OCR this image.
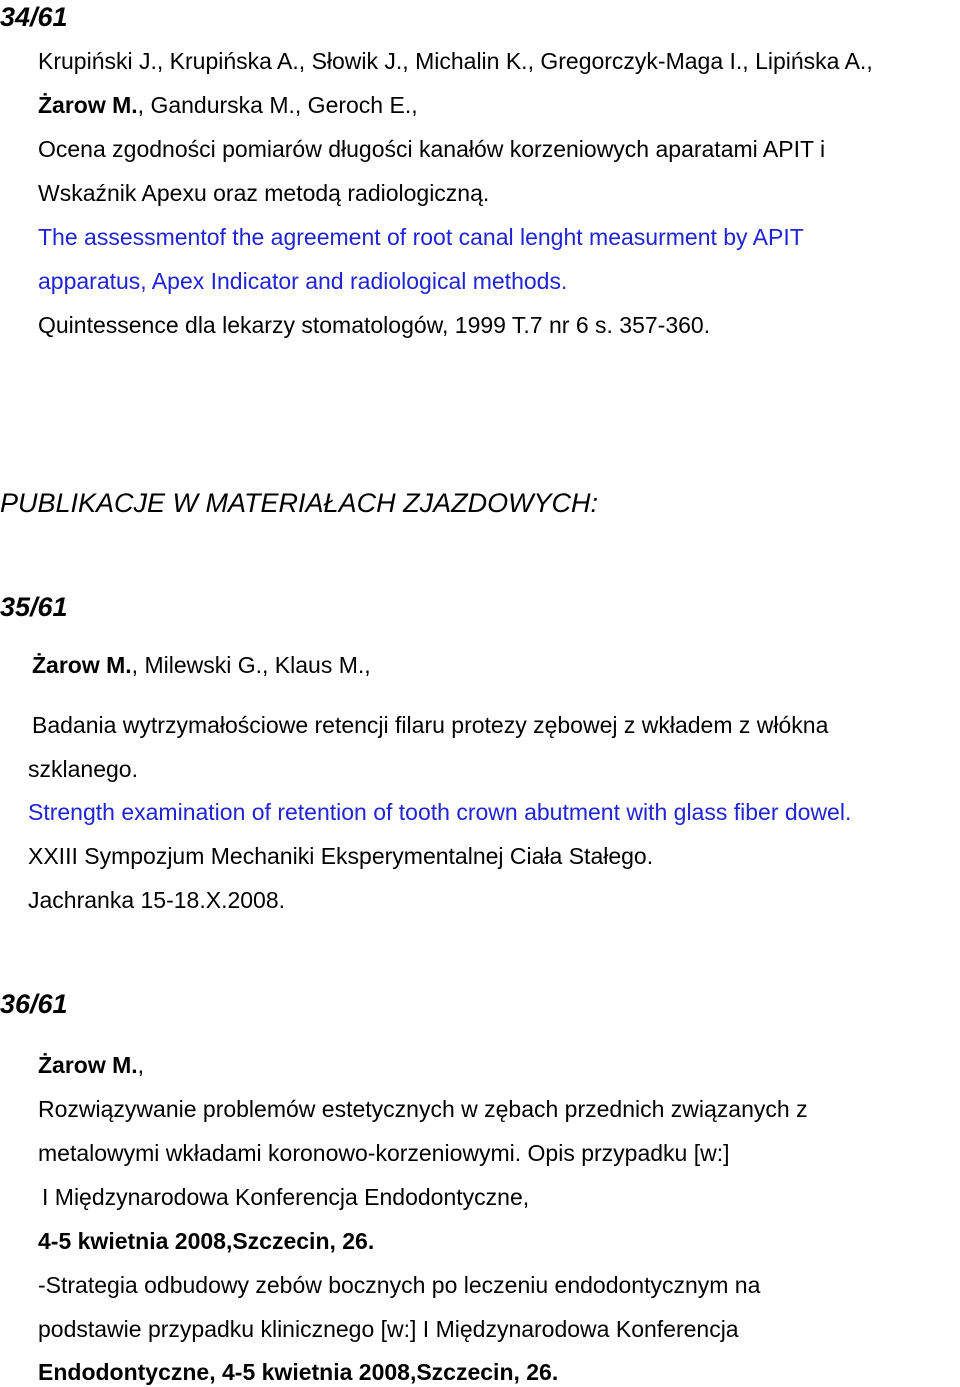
34/61
Krupiński J., Krupińska A., Słowik J., Michalin K., Gregorczyk-Maga I., Lipińska A.,
Żarow M., Gandurska M., Geroch E.,
Ocena zgodności pomiarów długości kanałów korzeniowych aparatami APIT i
Wskaźnik Apexu oraz metodą radiologiczną.
The assessmentof the agreement of root canal lenght measurment by APIT
apparatus, Apex Indicator and radiological methods.
Quintessence dla lekarzy stomatologów, 1999 T.7 nr 6 s. 357-360.
PUBLIKACJE W MATERIAŁACH ZJAZDOWYCH:
35/61
Żarow M., Milewski G., Klaus M.,
Badania wytrzymałościowe retencji filaru protezy zębowej z wkładem z włókna
szklanego.
Strength examination of retention of tooth crown abutment with glass fiber dowel.
XXIII Sympozjum Mechaniki Eksperymentalnej Ciała Stałego.
Jachranka 15-18.X.2008.
36/61
Żarow M.,
Rozwiązywanie problemów estetycznych w zębach przednich związanych z
metalowymi wkładami koronowo-korzeniowymi. Opis przypadku [w:]
I Międzynarodowa Konferencja Endodontyczne,
4-5 kwietnia 2008,Szczecin, 26.
-Strategia odbudowy zebów bocznych po leczeniu endodontycznym na
podstawie przypadku klinicznego [w:] I Międzynarodowa Konferencja
Endodontyczne, 4-5 kwietnia 2008,Szczecin, 26.
